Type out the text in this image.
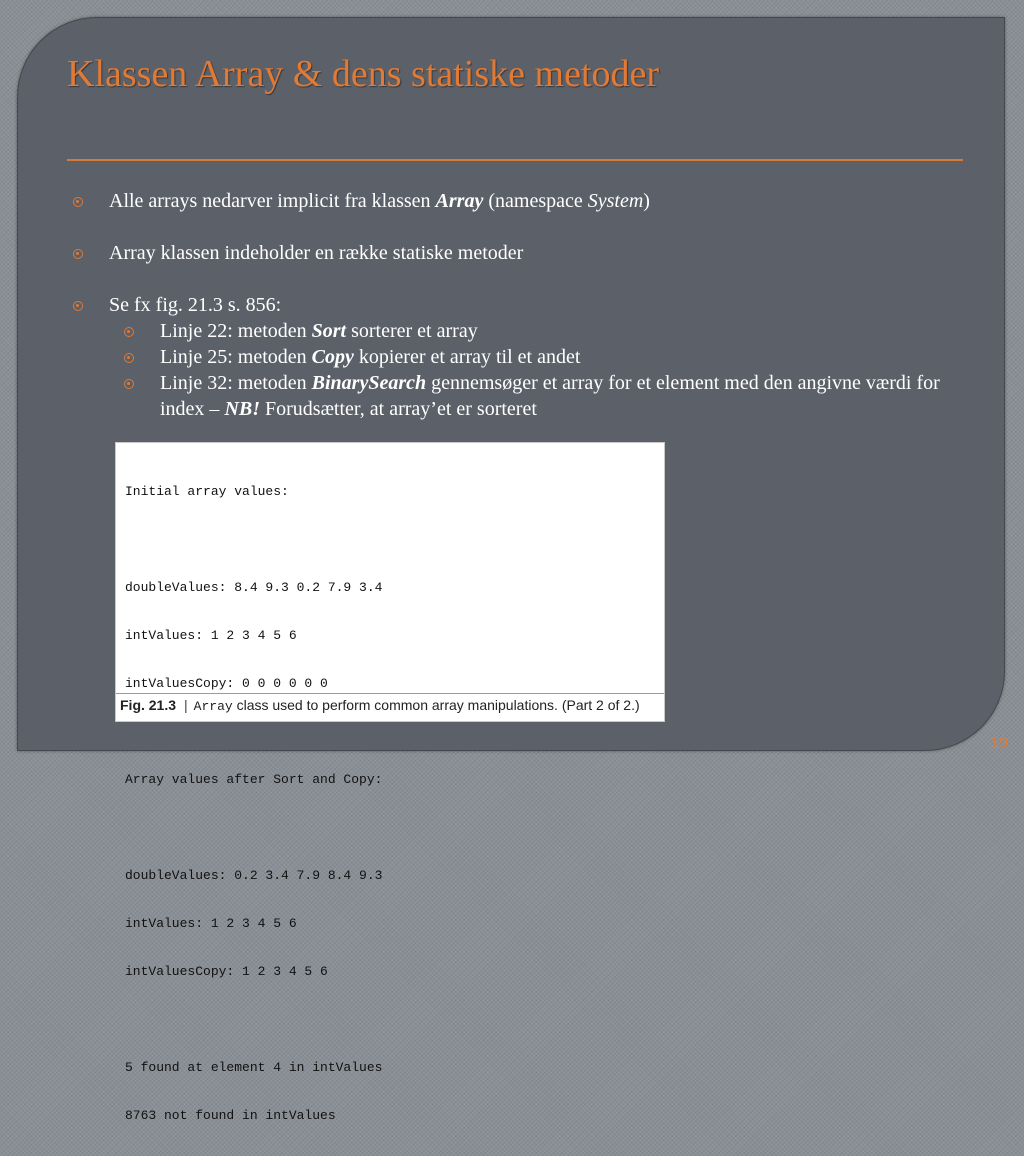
Klassen Array & dens statiske metoder
Alle arrays nedarver implicit fra klassen Array (namespace System)
Array klassen indeholder en række statiske metoder
Se fx fig. 21.3 s. 856:
Linje 22: metoden Sort sorterer et array
Linje 25: metoden Copy kopierer et array til et andet
Linje 32: metoden BinarySearch gennemsøger et array for et element med den angivne værdi for index – NB! Forudsætter, at array’et er sorteret

Initial array values:

doubleValues: 8.4 9.3 0.2 7.9 3.4

intValues: 1 2 3 4 5 6

intValuesCopy: 0 0 0 0 0 0

Array values after Sort and Copy:

doubleValues: 0.2 3.4 7.9 8.4 9.3

intValues: 1 2 3 4 5 6

intValuesCopy: 1 2 3 4 5 6

5 found at element 4 in intValues

8763 not found in intValues

Fig. 21.3 | Array class used to perform common array manipulations. (Part 2 of 2.)
19
